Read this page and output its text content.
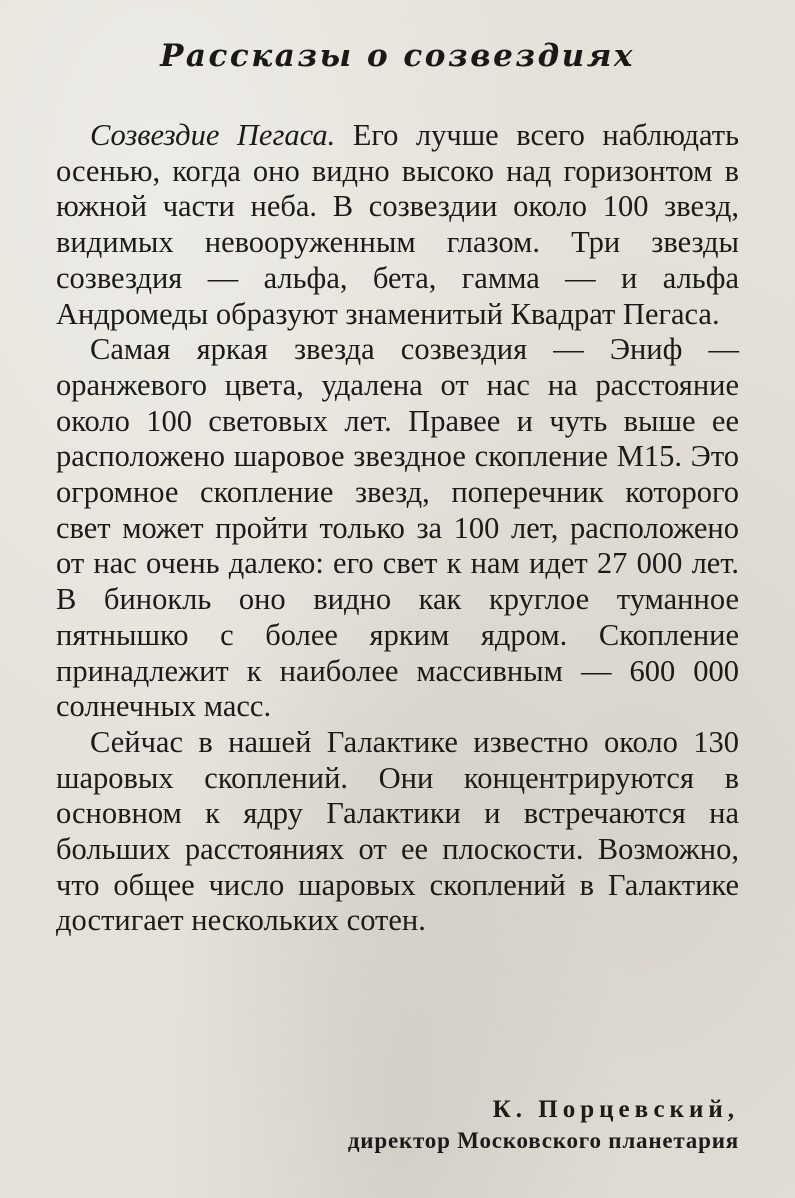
Рассказы о созвездиях

Созвездие Пегаса. Его лучше всего наблюдать осенью, когда оно видно высоко над горизонтом в южной части неба. В созвездии около 100 звезд, видимых невооруженным глазом. Три звезды созвездия — альфа, бета, гамма — и альфа Андромеды образуют знаменитый Квадрат Пегаса.

Самая яркая звезда созвездия — Эниф — оранжевого цвета, удалена от нас на расстояние около 100 световых лет. Правее и чуть выше ее расположено шаровое звездное скопление М15. Это огромное скопление звезд, поперечник которого свет может пройти только за 100 лет, расположено от нас очень далеко: его свет к нам идет 27 000 лет. В бинокль оно видно как круглое туманное пятнышко с более ярким ядром. Скопление принадлежит к наиболее массивным — 600 000 солнечных масс.

Сейчас в нашей Галактике известно около 130 шаровых скоплений. Они концентрируются в основном к ядру Галактики и встречаются на больших расстояниях от ее плоскости. Возможно, что общее число шаровых скоплений в Галактике достигает нескольких сотен.

К. Порцевский,
директор Московского планетария
